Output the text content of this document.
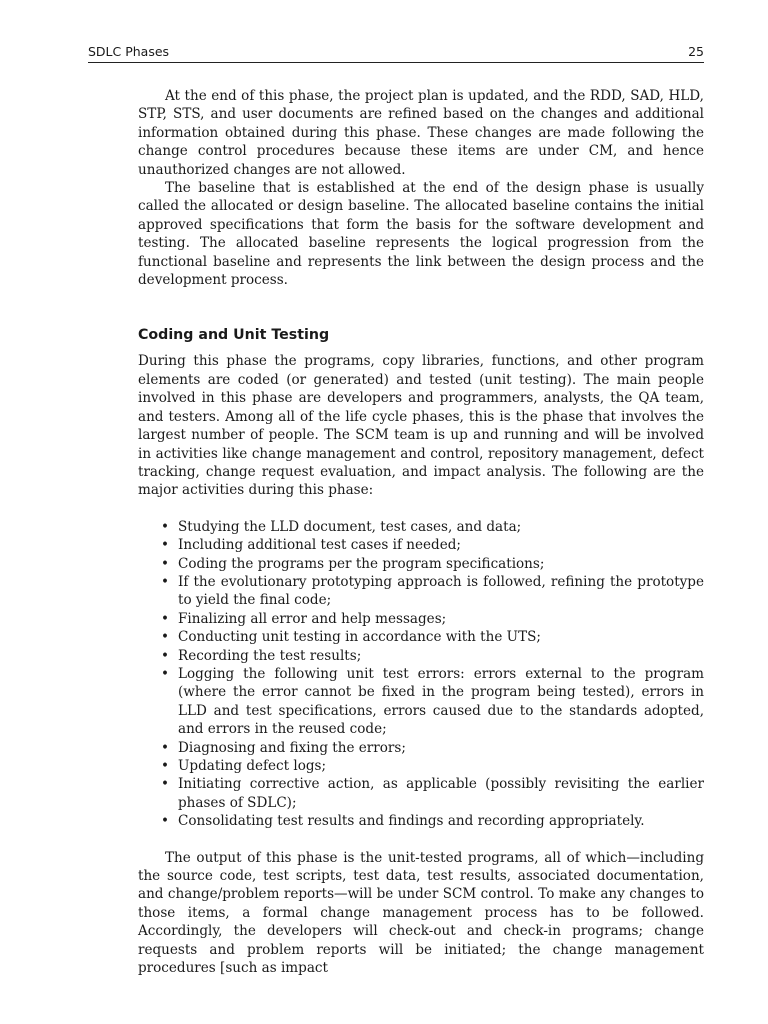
SDLC Phases	25

At the end of this phase, the project plan is updated, and the RDD, SAD, HLD, STP, STS, and user documents are refined based on the changes and additional information obtained during this phase. These changes are made following the change control procedures because these items are under CM, and hence unauthorized changes are not allowed.

The baseline that is established at the end of the design phase is usually called the allocated or design baseline. The allocated baseline contains the initial approved specifications that form the basis for the software development and testing. The allocated baseline represents the logical progression from the functional baseline and represents the link between the design process and the development process.

Coding and Unit Testing

During this phase the programs, copy libraries, functions, and other program elements are coded (or generated) and tested (unit testing). The main people involved in this phase are developers and programmers, analysts, the QA team, and testers. Among all of the life cycle phases, this is the phase that involves the largest number of people. The SCM team is up and running and will be involved in activities like change management and control, repository management, defect tracking, change request evaluation, and impact analysis. The following are the major activities during this phase:

• Studying the LLD document, test cases, and data;
• Including additional test cases if needed;
• Coding the programs per the program specifications;
• If the evolutionary prototyping approach is followed, refining the prototype to yield the final code;
• Finalizing all error and help messages;
• Conducting unit testing in accordance with the UTS;
• Recording the test results;
• Logging the following unit test errors: errors external to the program (where the error cannot be fixed in the program being tested), errors in LLD and test specifications, errors caused due to the standards adopted, and errors in the reused code;
• Diagnosing and fixing the errors;
• Updating defect logs;
• Initiating corrective action, as applicable (possibly revisiting the earlier phases of SDLC);
• Consolidating test results and findings and recording appropriately.

The output of this phase is the unit-tested programs, all of which—including the source code, test scripts, test data, test results, associated documentation, and change/problem reports—will be under SCM control. To make any changes to those items, a formal change management process has to be followed. Accordingly, the developers will check-out and check-in programs; change requests and problem reports will be initiated; the change management procedures [such as impact
